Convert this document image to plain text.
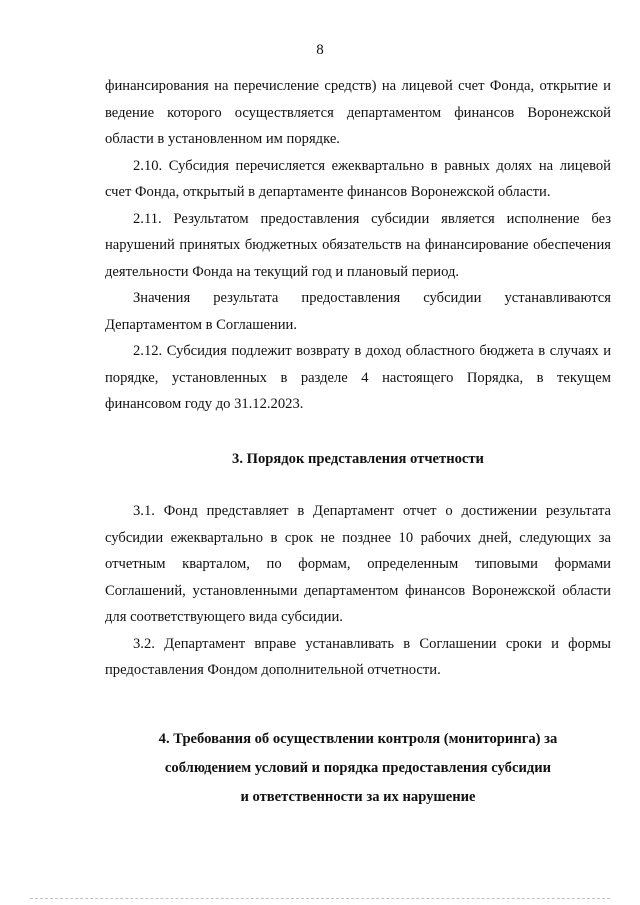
8

финансирования на перечисление средств) на лицевой счет Фонда, открытие и ведение которого осуществляется департаментом финансов Воронежской области в установленном им порядке.

2.10. Субсидия перечисляется ежеквартально в равных долях на лицевой счет Фонда, открытый в департаменте финансов Воронежской области.

2.11. Результатом предоставления субсидии является исполнение без нарушений принятых бюджетных обязательств на финансирование обеспечения деятельности Фонда на текущий год и плановый период.

Значения результата предоставления субсидии устанавливаются Департаментом в Соглашении.

2.12. Субсидия подлежит возврату в доход областного бюджета в случаях и порядке, установленных в разделе 4 настоящего Порядка, в текущем финансовом году до 31.12.2023.

3. Порядок представления отчетности

3.1. Фонд представляет в Департамент отчет о достижении результата субсидии ежеквартально в срок не позднее 10 рабочих дней, следующих за отчетным кварталом, по формам, определенным типовыми формами Соглашений, установленными департаментом финансов Воронежской области для соответствующего вида субсидии.

3.2. Департамент вправе устанавливать в Соглашении сроки и формы предоставления Фондом дополнительной отчетности.

4. Требования об осуществлении контроля (мониторинга) за
соблюдением условий и порядка предоставления субсидии
и ответственности за их нарушение
